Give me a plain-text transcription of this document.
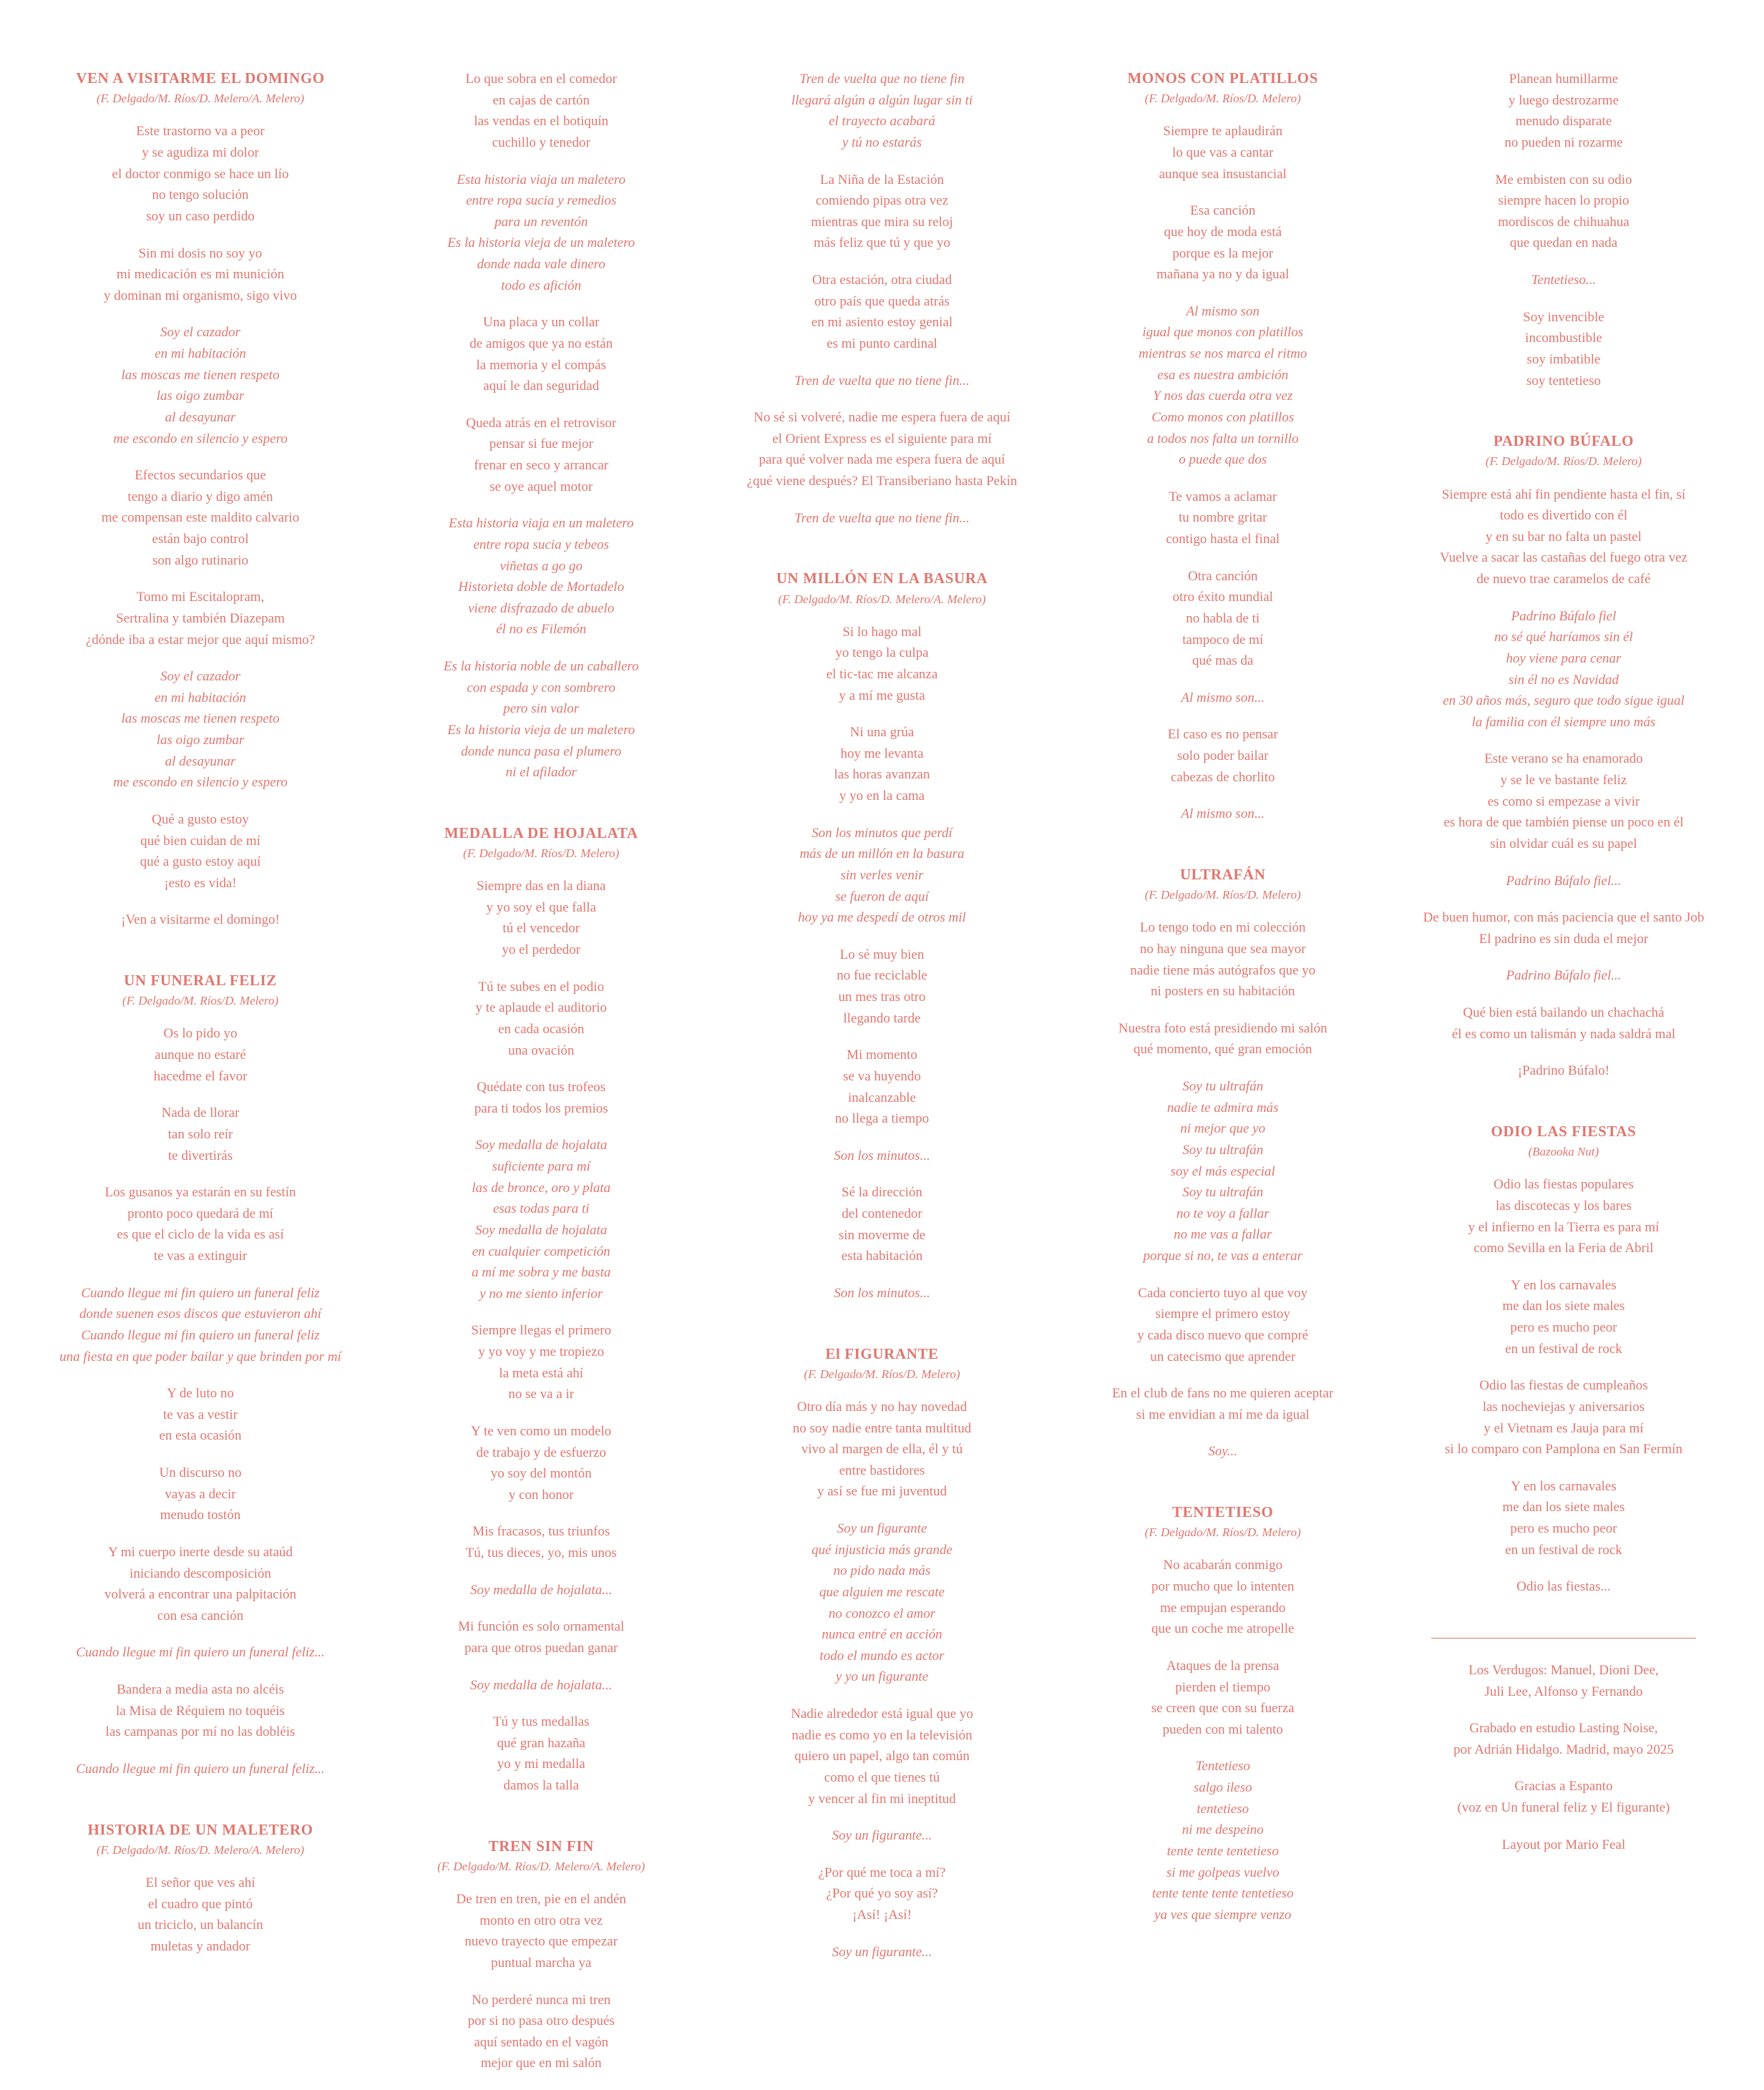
VEN A VISITARME EL DOMINGO
(F. Delgado/M. Ríos/D. Melero/A. Melero)
Este trastorno va a peor
y se agudiza mi dolor
el doctor conmigo se hace un lío
no tengo solución
soy un caso perdido
Sin mi dosis no soy yo
mi medicación es mi munición
y dominan mi organismo, sigo vivo
Soy el cazador
en mi habitación
las moscas me tienen respeto
las oigo zumbar
al desayunar
me escondo en silencio y espero
Efectos secundarios que
tengo a diario y digo amén
me compensan este maldito calvario
están bajo control
son algo rutinario
Tomo mi Escitalopram,
Sertralina y también Diazepam
¿dónde iba a estar mejor que aquí mismo?
Soy el cazador
en mi habitación
las moscas me tienen respeto
las oigo zumbar
al desayunar
me escondo en silencio y espero
Qué a gusto estoy
qué bien cuidan de mí
qué a gusto estoy aquí
¡esto es vida!
¡Ven a visitarme el domingo!
UN FUNERAL FELIZ
(F. Delgado/M. Ríos/D. Melero)
Os lo pido yo
aunque no estaré
hacedme el favor
Nada de llorar
tan solo reír
te divertirás
Los gusanos ya estarán en su festín
pronto poco quedará de mí
es que el ciclo de la vida es así
te vas a extinguir
Cuando llegue mi fin quiero un funeral feliz
donde suenen esos discos que estuvieron ahí
Cuando llegue mi fin quiero un funeral feliz
una fiesta en que poder bailar y que brinden por mí
Y de luto no
te vas a vestir
en esta ocasión
Un discurso no
vayas a decir
menudo tostón
Y mi cuerpo inerte desde su ataúd
iniciando descomposición
volverá a encontrar una palpitación
con esa canción
Cuando llegue mi fin quiero un funeral feliz...
Bandera a media asta no alcéis
la Misa de Réquiem no toquéis
las campanas por mí no las dobléis
Cuando llegue mi fin quiero un funeral feliz...
HISTORIA DE UN MALETERO
(F. Delgado/M. Ríos/D. Melero/A. Melero)
El señor que ves ahí
el cuadro que pintó
un triciclo, un balancín
muletas y andador
Lo que sobra en el comedor
en cajas de cartón
las vendas en el botiquín
cuchillo y tenedor
Esta historia viaja un maletero
entre ropa sucia y remedios
para un reventón
Es la historia vieja de un maletero
donde nada vale dinero
todo es afición
Una placa y un collar
de amigos que ya no están
la memoria y el compás
aquí le dan seguridad
Queda atrás en el retrovisor
pensar si fue mejor
frenar en seco y arrancar
se oye aquel motor
Esta historia viaja en un maletero
entre ropa sucia y tebeos
viñetas a go go
Historieta doble de Mortadelo
viene disfrazado de abuelo
él no es Filemón
Es la historia noble de un caballero
con espada y con sombrero
pero sin valor
Es la historia vieja de un maletero
donde nunca pasa el plumero
ni el afilador
MEDALLA DE HOJALATA
(F. Delgado/M. Ríos/D. Melero)
Siempre das en la diana
y yo soy el que falla
tú el vencedor
yo el perdedor
Tú te subes en el podio
y te aplaude el auditorio
en cada ocasión
una ovación
Quédate con tus trofeos
para ti todos los premios
Soy medalla de hojalata
suficiente para mí
las de bronce, oro y plata
esas todas para ti
Soy medalla de hojalata
en cualquier competición
a mí me sobra y me basta
y no me siento inferior
Siempre llegas el primero
y yo voy y me tropiezo
la meta está ahí
no se va a ir
Y te ven como un modelo
de trabajo y de esfuerzo
yo soy del montón
y con honor
Mis fracasos, tus triunfos
Tú, tus dieces, yo, mis unos
Soy medalla de hojalata...
Mi función es solo ornamental
para que otros puedan ganar
Soy medalla de hojalata...
Tú y tus medallas
qué gran hazaña
yo y mi medalla
damos la talla
TREN SIN FIN
(F. Delgado/M. Ríos/D. Melero/A. Melero)
De tren en tren, pie en el andén
monto en otro otra vez
nuevo trayecto que empezar
puntual marcha ya
No perderé nunca mi tren
por si no pasa otro después
aquí sentado en el vagón
mejor que en mi salón
Tren de vuelta que no tiene fin
llegará algún a algún lugar sin ti
el trayecto acabará
y tú no estarás
La Niña de la Estación
comiendo pipas otra vez
mientras que mira su reloj
más feliz que tú y que yo
Otra estación, otra ciudad
otro país que queda atrás
en mi asiento estoy genial
es mi punto cardinal
Tren de vuelta que no tiene fin...
No sé si volveré, nadie me espera fuera de aquí
el Orient Express es el siguiente para mí
para qué volver nada me espera fuera de aquí
¿qué viene después? El Transiberiano hasta Pekín
Tren de vuelta que no tiene fin...
UN MILLÓN EN LA BASURA
(F. Delgado/M. Ríos/D. Melero/A. Melero)
Si lo hago mal
yo tengo la culpa
el tic-tac me alcanza
y a mí me gusta
Ni una grúa
hoy me levanta
las horas avanzan
y yo en la cama
Son los minutos que perdí
más de un millón en la basura
sin verles venir
se fueron de aquí
hoy ya me despedí de otros mil
Lo sé muy bien
no fue reciclable
un mes tras otro
llegando tarde
Mi momento
se va huyendo
inalcanzable
no llega a tiempo
Son los minutos...
Sé la dirección
del contenedor
sin moverme de
esta habitación
Son los minutos...
El FIGURANTE
(F. Delgado/M. Ríos/D. Melero)
Otro día más y no hay novedad
no soy nadie entre tanta multitud
vivo al margen de ella, él y tú
entre bastidores
y así se fue mi juventud
Soy un figurante
qué injusticia más grande
no pido nada más
que alguien me rescate
no conozco el amor
nunca entré en acción
todo el mundo es actor
y yo un figurante
Nadie alrededor está igual que yo
nadie es como yo en la televisión
quiero un papel, algo tan común
como el que tienes tú
y vencer al fin mi ineptitud
Soy un figurante...
¿Por qué me toca a mí?
¿Por qué yo soy así?
¡Así! ¡Así!
Soy un figurante...
MONOS CON PLATILLOS
(F. Delgado/M. Ríos/D. Melero)
Siempre te aplaudirán
lo que vas a cantar
aunque sea insustancial
Esa canción
que hoy de moda está
porque es la mejor
mañana ya no y da igual
Al mismo son
igual que monos con platillos
mientras se nos marca el ritmo
esa es nuestra ambición
Y nos das cuerda otra vez
Como monos con platillos
a todos nos falta un tornillo
o puede que dos
Te vamos a aclamar
tu nombre gritar
contigo hasta el final
Otra canción
otro éxito mundial
no habla de ti
tampoco de mí
qué mas da
Al mismo son...
El caso es no pensar
solo poder bailar
cabezas de chorlito
Al mismo son...
ULTRAFÁN
(F. Delgado/M. Ríos/D. Melero)
Lo tengo todo en mi colección
no hay ninguna que sea mayor
nadie tiene más autógrafos que yo
ni posters en su habitación
Nuestra foto está presidiendo mi salón
qué momento, qué gran emoción
Soy tu ultrafán
nadie te admira más
ni mejor que yo
Soy tu ultrafán
soy el más especial
Soy tu ultrafán
no te voy a fallar
no me vas a fallar
porque si no, te vas a enterar
Cada concierto tuyo al que voy
siempre el primero estoy
y cada disco nuevo que compré
un catecismo que aprender
En el club de fans no me quieren aceptar
si me envidian a mí me da igual
Soy...
TENTETIESO
(F. Delgado/M. Ríos/D. Melero)
No acabarán conmigo
por mucho que lo intenten
me empujan esperando
que un coche me atropelle
Ataques de la prensa
pierden el tiempo
se creen que con su fuerza
pueden con mi talento
Tentetieso
salgo ileso
tentetieso
ni me despeino
tente tente tentetieso
si me golpeas vuelvo
tente tente tente tentetieso
ya ves que siempre venzo
Planean humillarme
y luego destrozarme
menudo disparate
no pueden ni rozarme
Me embisten con su odio
siempre hacen lo propio
mordiscos de chihuahua
que quedan en nada
Tentetieso...
Soy invencible
incombustible
soy imbatible
soy tentetieso
PADRINO BÚFALO
(F. Delgado/M. Ríos/D. Melero)
Siempre está ahí fin pendiente hasta el fin, sí
todo es divertido con él
y en su bar no falta un pastel
Vuelve a sacar las castañas del fuego otra vez
de nuevo trae caramelos de café
Padrino Búfalo fiel
no sé qué haríamos sin él
hoy viene para cenar
sin él no es Navidad
en 30 años más, seguro que todo sigue igual
la familia con él siempre uno más
Este verano se ha enamorado
y se le ve bastante feliz
es como si empezase a vivir
es hora de que también piense un poco en él
sin olvidar cuál es su papel
Padrino Búfalo fiel...
De buen humor, con más paciencia que el santo Job
El padrino es sin duda el mejor
Padrino Búfalo fiel...
Qué bien está bailando un chachachá
él es como un talismán y nada saldrá mal
¡Padrino Búfalo!
ODIO LAS FIESTAS
(Bazooka Nut)
Odio las fiestas populares
las discotecas y los bares
y el infierno en la Tierra es para mí
como Sevilla en la Feria de Abril
Y en los carnavales
me dan los siete males
pero es mucho peor
en un festival de rock
Odio las fiestas de cumpleaños
las nocheviejas y aniversarios
y el Vietnam es Jauja para mí
si lo comparo con Pamplona en San Fermín
Y en los carnavales
me dan los siete males
pero es mucho peor
en un festival de rock
Odio las fiestas...
Los Verdugos: Manuel, Dioni Dee,
Juli Lee, Alfonso y Fernando
Grabado en estudio Lasting Noise,
por Adrián Hidalgo. Madrid, mayo 2025
Gracias a Espanto
(voz en Un funeral feliz y El figurante)
Layout por Mario Feal
